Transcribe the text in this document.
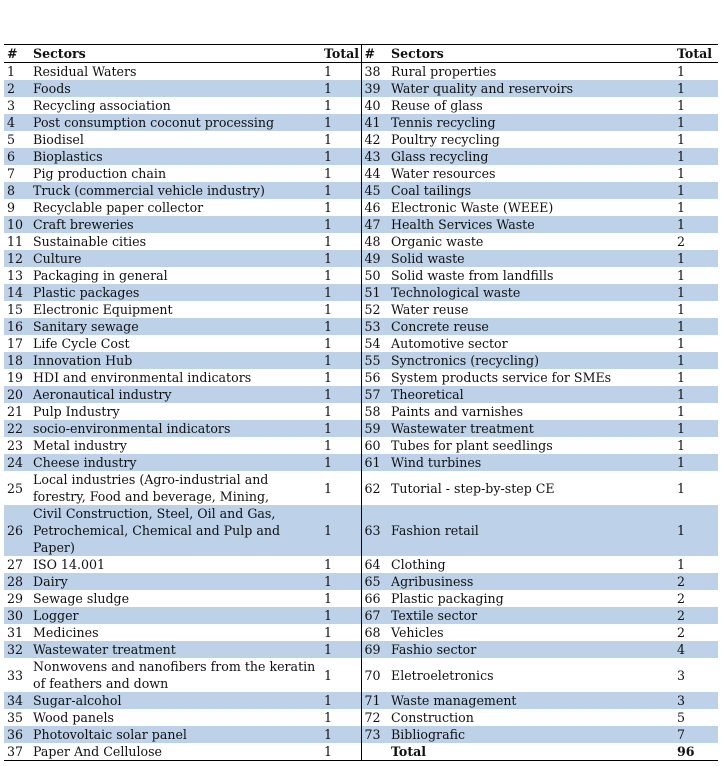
#	Sectors	Total	#	Sectors	Total
1	Residual Waters	1	38	Rural properties	1
2	Foods	1	39	Water quality and reservoirs	1
3	Recycling association	1	40	Reuse of glass	1
4	Post consumption coconut processing	1	41	Tennis recycling	1
5	Biodisel	1	42	Poultry recycling	1
6	Bioplastics	1	43	Glass recycling	1
7	Pig production chain	1	44	Water resources	1
8	Truck (commercial vehicle industry)	1	45	Coal tailings	1
9	Recyclable paper collector	1	46	Electronic Waste (WEEE)	1
10	Craft breweries	1	47	Health Services Waste	1
11	Sustainable cities	1	48	Organic waste	2
12	Culture	1	49	Solid waste	1
13	Packaging in general	1	50	Solid waste from landfills	1
14	Plastic packages	1	51	Technological waste	1
15	Electronic Equipment	1	52	Water reuse	1
16	Sanitary sewage	1	53	Concrete reuse	1
17	Life Cycle Cost	1	54	Automotive sector	1
18	Innovation Hub	1	55	Synctronics (recycling)	1
19	HDI and environmental indicators	1	56	System products service for SMEs	1
20	Aeronautical industry	1	57	Theoretical	1
21	Pulp Industry	1	58	Paints and varnishes	1
22	socio-environmental indicators	1	59	Wastewater treatment	1
23	Metal industry	1	60	Tubes for plant seedlings	1
24	Cheese industry	1	61	Wind turbines	1
25	Local industries (Agro-industrial and forestry, Food and beverage, Mining,	1	62	Tutorial - step-by-step CE	1
26	Civil Construction, Steel, Oil and Gas, Petrochemical, Chemical and Pulp and Paper)	1	63	Fashion retail	1
27	ISO 14.001	1	64	Clothing	1
28	Dairy	1	65	Agribusiness	2
29	Sewage sludge	1	66	Plastic packaging	2
30	Logger	1	67	Textile sector	2
31	Medicines	1	68	Vehicles	2
32	Wastewater treatment	1	69	Fashio sector	4
33	Nonwovens and nanofibers from the keratin of feathers and down	1	70	Eletroeletronics	3
34	Sugar-alcohol	1	71	Waste management	3
35	Wood panels	1	72	Construction	5
36	Photovoltaic solar panel	1	73	Bibliografic	7
37	Paper And Cellulose	1		Total	96
